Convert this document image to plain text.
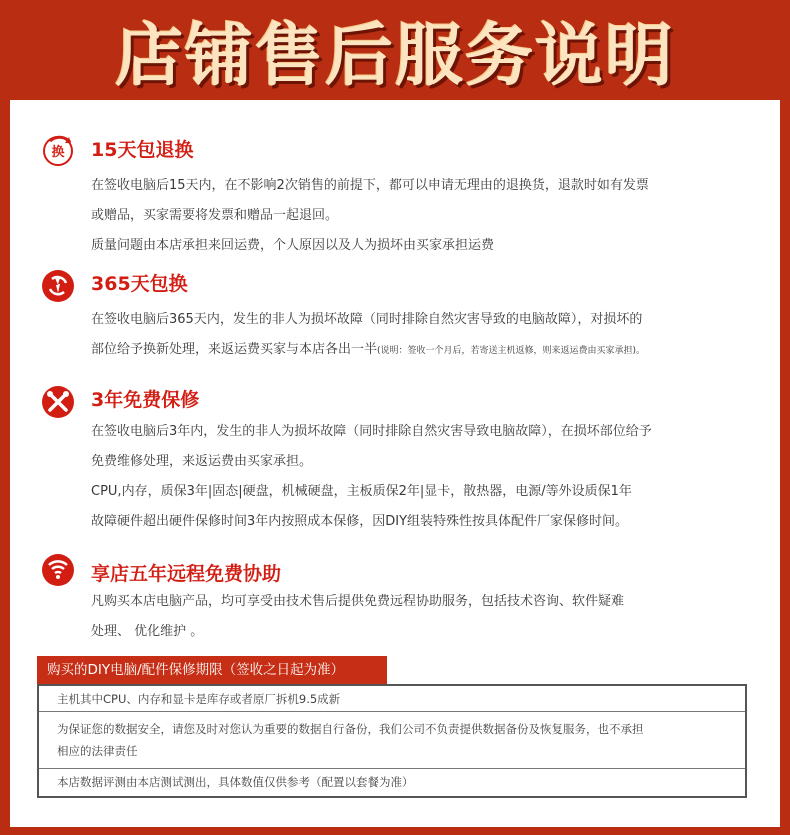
店铺售后服务说明
换 15天包退换
在签收电脑后15天内，在不影响2次销售的前提下，都可以申请无理由的退换货，退款时如有发票
或赠品，买家需要将发票和赠品一起退回。
质量问题由本店承担来回运费，个人原因以及人为损坏由买家承担运费
365天包换
在签收电脑后365天内，发生的非人为损坏故障（同时排除自然灾害导致的电脑故障），对损坏的
部位给予换新处理，来返运费买家与本店各出一半(说明：签收一个月后，若寄送主机返修，则来返运费由买家承担)。
3年免费保修
在签收电脑后3年内，发生的非人为损坏故障（同时排除自然灾害导致电脑故障），在损坏部位给予
免费维修处理，来返运费由买家承担。
CPU,内存，质保3年|固态|硬盘，机械硬盘，主板质保2年|显卡，散热器，电源/等外设质保1年
故障硬件超出硬件保修时间3年内按照成本保修，因DIY组装特殊性按具体配件厂家保修时间。
享店五年远程免费协助
凡购买本店电脑产品，均可享受由技术售后提供免费远程协助服务，包括技术咨询、软件疑难
处理、 优化维护 。
购买的DIY电脑/配件保修期限（签收之日起为准）
主机其中CPU、内存和显卡是库存或者原厂拆机9.5成新
为保证您的数据安全，请您及时对您认为重要的数据自行备份，我们公司不负责提供数据备份及恢复服务，也不承担
相应的法律责任
本店数据评测由本店测试测出，具体数值仅供参考（配置以套餐为准）
